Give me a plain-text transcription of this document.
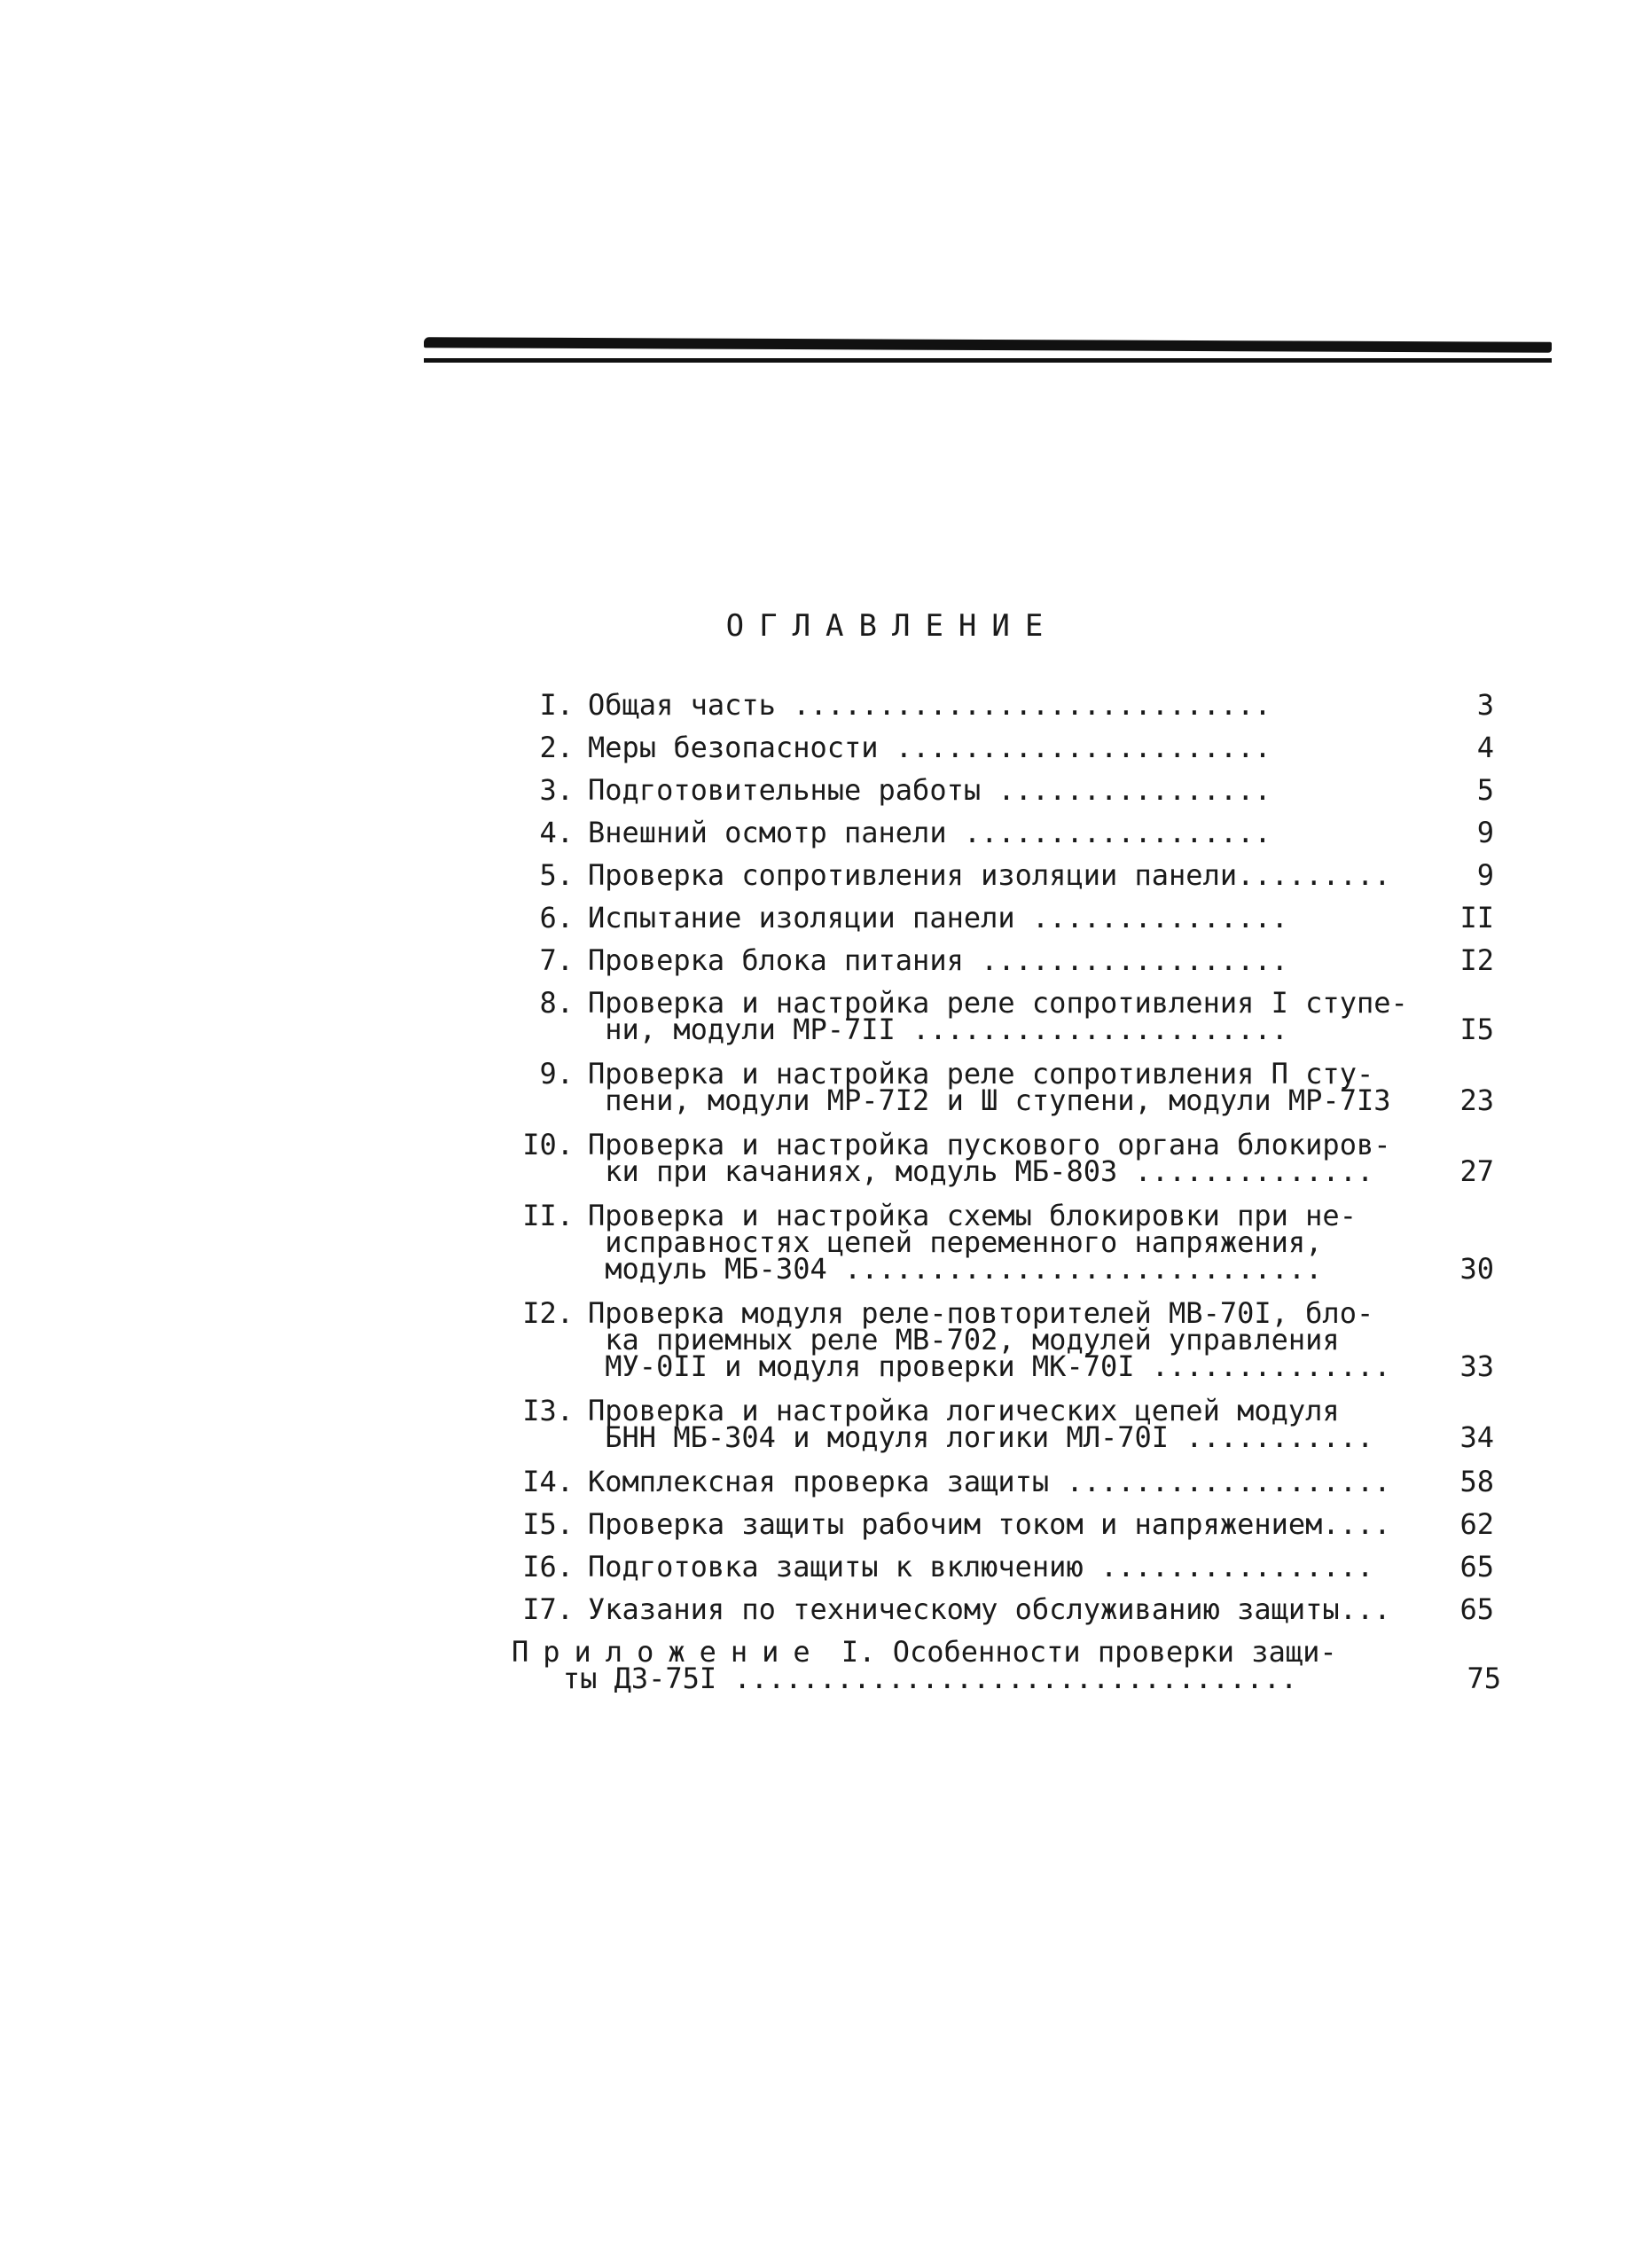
ОГЛАВЛЕНИЕ
I. Общая часть ............................	3
2. Меры безопасности ......................	4
3. Подготовительные работы ................	5
4. Внешний осмотр панели ..................	9
5. Проверка сопротивления изоляции панели.........	9
6. Испытание изоляции панели ...............	II
7. Проверка блока питания ..................	I2
8. Проверка и настройка реле сопротивления I ступе-
ни, модули МР-7II ......................	I5
9. Проверка и настройка реле сопротивления П сту-
пени, модули МР-7I2 и Ш ступени, модули МР-7I3	23
I0. Проверка и настройка пускового органа блокиров-
ки при качаниях, модуль МБ-803 ..............	27
II. Проверка и настройка схемы блокировки при не-
исправностях цепей переменного напряжения,
модуль МБ-304 ............................	30
I2. Проверка модуля реле-повторителей МВ-70I, бло-
ка приемных реле МВ-702, модулей управления
МУ-0II и модуля проверки МК-70I ..............	33
I3. Проверка и настройка логических цепей модуля
БНН МБ-304 и модуля логики МЛ-70I ...........	34
I4. Комплексная проверка защиты ...................	58
I5. Проверка защиты рабочим током и напряжением....	62
I6. Подготовка защиты к включению ................	65
I7. Указания по техническому обслуживанию защиты...	65
Приложение I. Особенности проверки защи-
ты ДЗ-75I .................................	75
